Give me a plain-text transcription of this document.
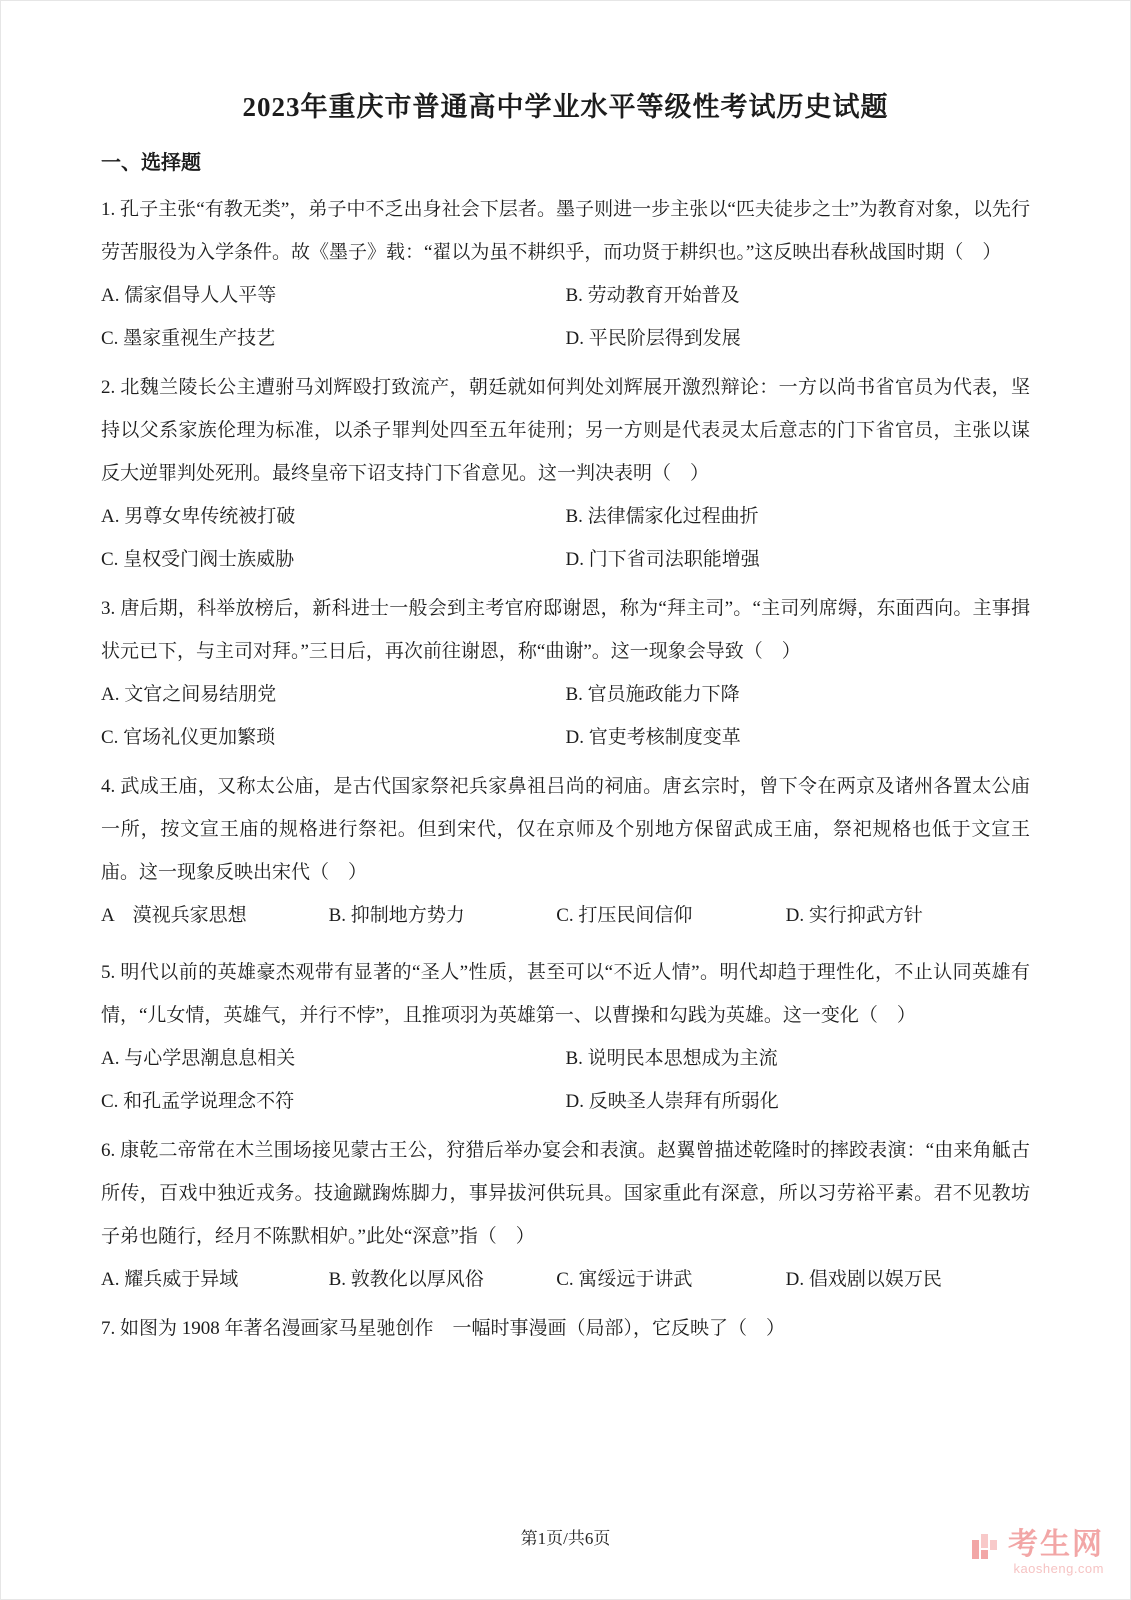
2023年重庆市普通高中学业水平等级性考试历史试题
一、选择题

1. 孔子主张“有教无类”，弟子中不乏出身社会下层者。墨子则进一步主张以“匹夫徒步之士”为教育对象，以先行劳苦服役为入学条件。故《墨子》载：“翟以为虽不耕织乎，而功贤于耕织也。”这反映出春秋战国时期（　）

A. 儒家倡导人人平等	B. 劳动教育开始普及
C. 墨家重视生产技艺	D. 平民阶层得到发展

2. 北魏兰陵长公主遭驸马刘辉殴打致流产，朝廷就如何判处刘辉展开激烈辩论：一方以尚书省官员为代表，坚持以父系家族伦理为标准，以杀子罪判处四至五年徒刑；另一方则是代表灵太后意志的门下省官员，主张以谋反大逆罪判处死刑。最终皇帝下诏支持门下省意见。这一判决表明（　）

A. 男尊女卑传统被打破	B. 法律儒家化过程曲折
C. 皇权受门阀士族威胁	D. 门下省司法职能增强

3. 唐后期，科举放榜后，新科进士一般会到主考官府邸谢恩，称为“拜主司”。“主司列席缛，东面西向。主事揖状元已下，与主司对拜。”三日后，再次前往谢恩，称“曲谢”。这一现象会导致（　）

A. 文官之间易结朋党	B. 官员施政能力下降
C. 官场礼仪更加繁琐	D. 官吏考核制度变革

4. 武成王庙，又称太公庙，是古代国家祭祀兵家鼻祖吕尚的祠庙。唐玄宗时，曾下令在两京及诸州各置太公庙一所，按文宣王庙的规格进行祭祀。但到宋代，仅在京师及个别地方保留武成王庙，祭祀规格也低于文宣王庙。这一现象反映出宋代（　）

A　漠视兵家思想	B. 抑制地方势力	C. 打压民间信仰	D. 实行抑武方针

5. 明代以前的英雄豪杰观带有显著的“圣人”性质，甚至可以“不近人情”。明代却趋于理性化，不止认同英雄有情，“儿女情，英雄气，并行不悖”，且推项羽为英雄第一、以曹操和勾践为英雄。这一变化（　）

A. 与心学思潮息息相关	B. 说明民本思想成为主流
C. 和孔孟学说理念不符	D. 反映圣人崇拜有所弱化

6. 康乾二帝常在木兰围场接见蒙古王公，狩猎后举办宴会和表演。赵翼曾描述乾隆时的摔跤表演：“由来角觝古所传，百戏中独近戎务。技逾蹴踘炼脚力，事异拔河供玩具。国家重此有深意，所以习劳裕平素。君不见教坊子弟也随行，经月不陈默相妒。”此处“深意”指（　）

A. 耀兵威于异域	B. 敦教化以厚风俗	C. 寓绥远于讲武	D. 倡戏剧以娱万民

7. 如图为 1908 年著名漫画家马星驰创作　一幅时事漫画（局部），它反映了（　）

第1页/共6页	考生网
kaosheng.com
